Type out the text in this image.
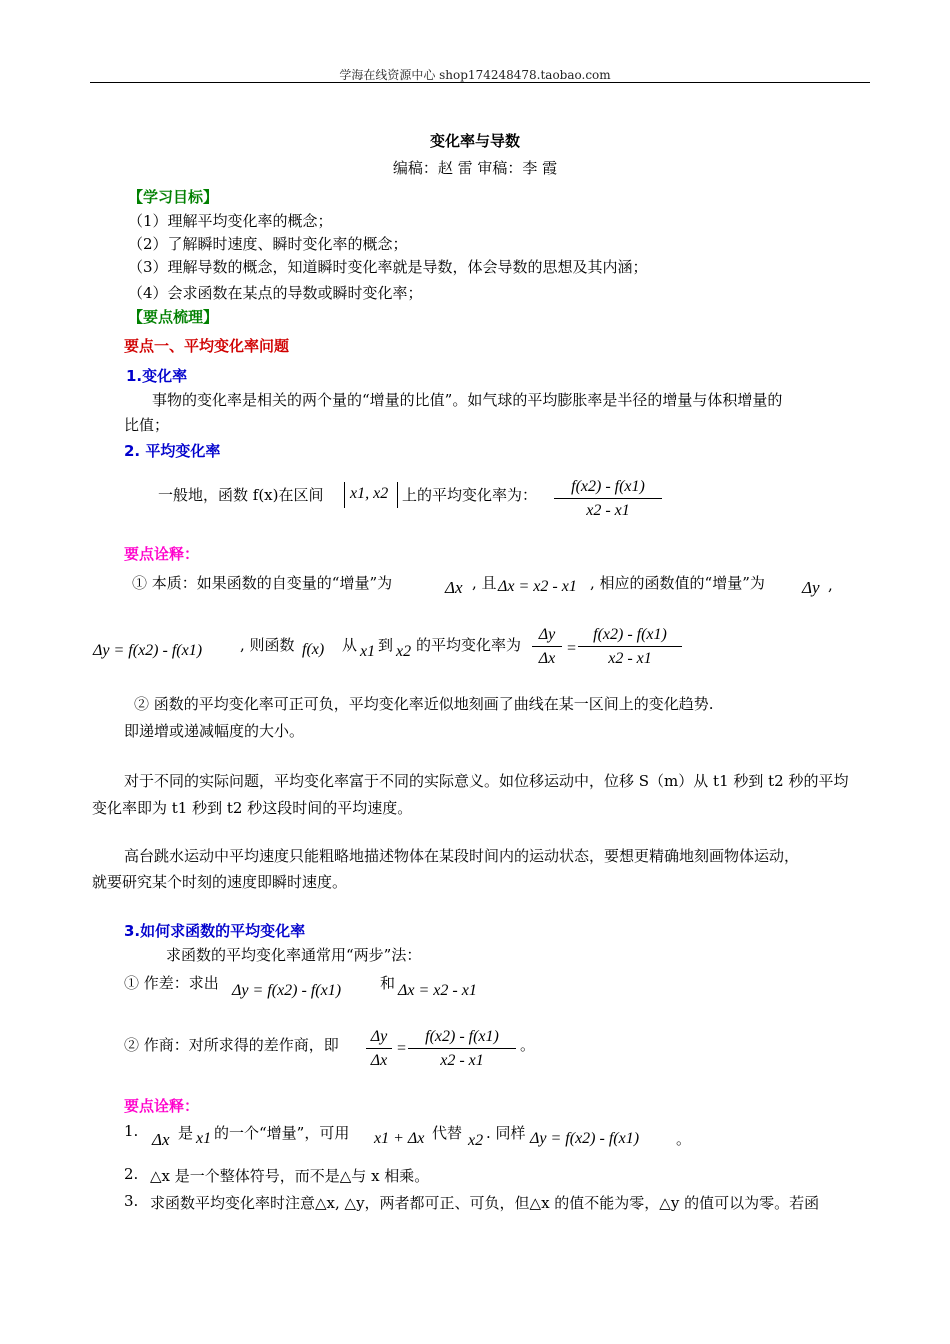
学海在线资源中心 shop174248478.taobao.com
变化率与导数
编稿：赵 雷 审稿：李 霞
【学习目标】
（1）理解平均变化率的概念；
（2）了解瞬时速度、瞬时变化率的概念；
（3）理解导数的概念，知道瞬时变化率就是导数，体会导数的思想及其内涵；
（4）会求函数在某点的导数或瞬时变化率；
【要点梳理】
要点一、平均变化率问题
1.变化率
事物的变化率是相关的两个量的“增量的比值”。如气球的平均膨胀率是半径的增量与体积增量的
比值；
2. 平均变化率
一般地，函数 f(x)在区间 x1, x2 上的平均变化率为： $\frac{f(x2) - f(x1)}{x2 - x1}$
要点诠释：
① 本质：如果函数的自变量的“增量”为	Δx , 且 Δx = x2 - x1 , 相应的函数值的“增量”为 Δy ,
Δy = f(x2) - f(x1)	, 则函数 f(x) 从 x1 到 x2 的平均变化率为 $\frac{\Delta y}{\Delta x} = \frac{f(x2) - f(x1)}{x2 - x1}$
② 函数的平均变化率可正可负，平均变化率近似地刻画了曲线在某一区间上的变化趋势.
即递增或递减幅度的大小。
对于不同的实际问题，平均变化率富于不同的实际意义。如位移运动中，位移 S（m）从 t1 秒到 t2 秒的平均
变化率即为 t1 秒到 t2 秒这段时间的平均速度。
高台跳水运动中平均速度只能粗略地描述物体在某段时间内的运动状态，要想更精确地刻画物体运动，
就要研究某个时刻的速度即瞬时速度。
3.如何求函数的平均变化率
求函数的平均变化率通常用“两步”法：
① 作差：求出 Δy = f(x2) - f(x1)	和 Δx = x2 - x1
② 作商：对所求得的差作商，即 $\frac{\Delta y}{\Delta x} = \frac{f(x2) - f(x1)}{x2 - x1}$ 。
要点诠释：
1. Δx 是 x1 的一个“增量”，可用 x1 + Δx 代替 x2 . 同样 Δy = f(x2) - f(x1) 。
2. △x 是一个整体符号，而不是△与 x 相乘。
3. 求函数平均变化率时注意△x, △y，两者都可正、可负，但△x 的值不能为零，△y 的值可以为零。若函
